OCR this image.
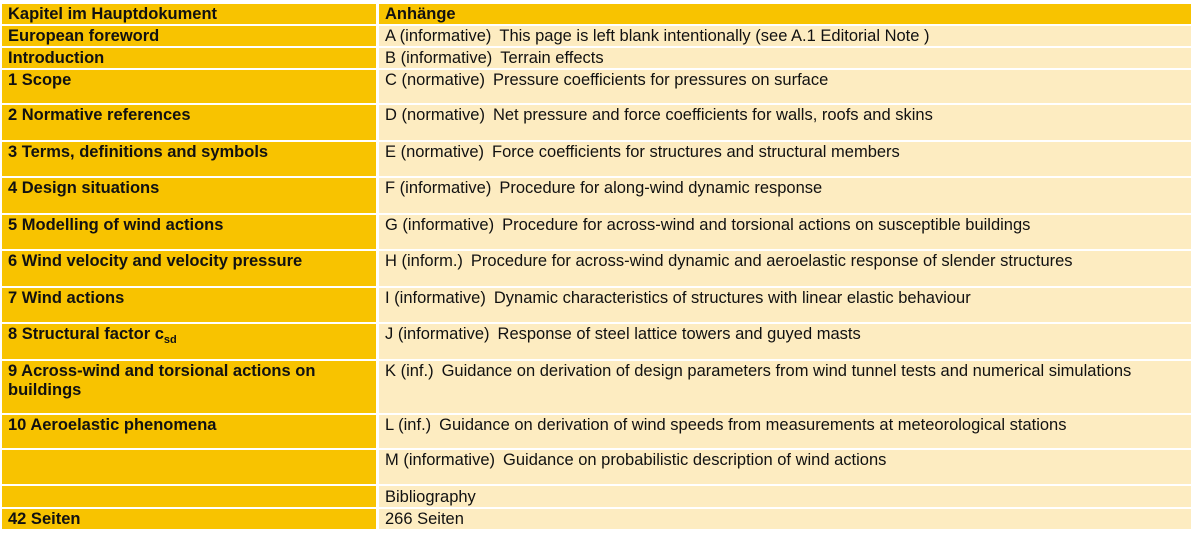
Kapitel im Hauptdokument	Anhänge
European foreword	A (informative) This page is left blank intentionally (see A.1 Editorial Note )
Introduction	B (informative) Terrain effects
1 Scope	C (normative) Pressure coefficients for pressures on surface
2 Normative references	D (normative) Net pressure and force coefficients for walls, roofs and skins
3 Terms, definitions and symbols	E (normative) Force coefficients for structures and structural members
4 Design situations	F (informative) Procedure for along-wind dynamic response
5 Modelling of wind actions	G (informative) Procedure for across-wind and torsional actions on susceptible buildings
6 Wind velocity and velocity pressure	H (inform.) Procedure for across-wind dynamic and aeroelastic response of slender structures
7 Wind actions	I (informative) Dynamic characteristics of structures with linear elastic behaviour
8 Structural factor $c_{sd}$	J (informative) Response of steel lattice towers and guyed masts
9 Across-wind and torsional actions on buildings	K (inf.) Guidance on derivation of design parameters from wind tunnel tests and numerical simulations
10 Aeroelastic phenomena	L (inf.) Guidance on derivation of wind speeds from measurements at meteorological stations
	M (informative) Guidance on probabilistic description of wind actions
	Bibliography
42 Seiten	266 Seiten
